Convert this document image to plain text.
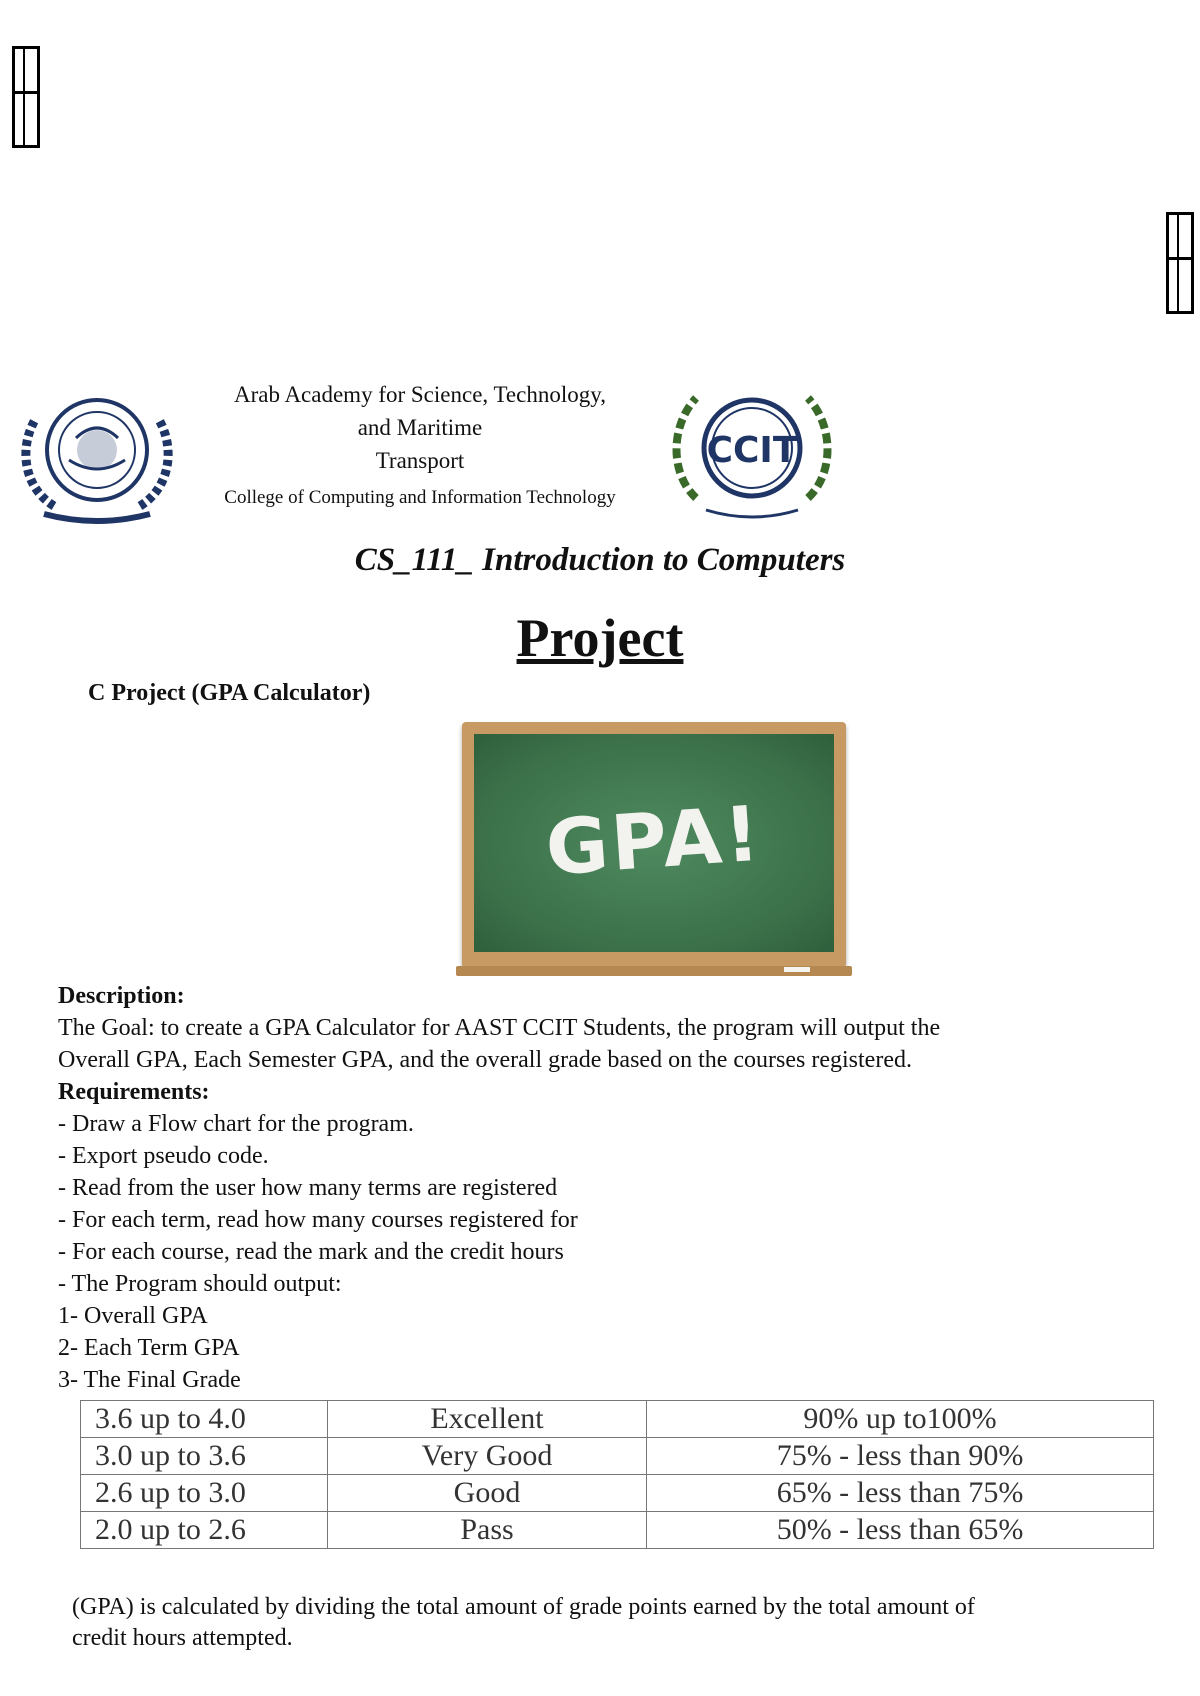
Arab Academy for Science, Technology,
and Maritime
Transport
College of Computing and Information Technology
CCIT
CS_111_ Introduction to Computers
Project
C Project (GPA Calculator)
GPA!
Description:
The Goal: to create a GPA Calculator for AAST CCIT Students, the program will output the
Overall GPA, Each Semester GPA, and the overall grade based on the courses registered.
Requirements:
- Draw a Flow chart for the program.
- Export pseudo code.
- Read from the user how many terms are registered
- For each term, read how many courses registered for
- For each course, read the mark and the credit hours
- The Program should output:
1- Overall GPA
2- Each Term GPA
3- The Final Grade
3.6 up to 4.0	Excellent	90% up to100%
3.0 up to 3.6	Very Good	75% - less than 90%
2.6 up to 3.0	Good	65% - less than 75%
2.0 up to 2.6	Pass	50% - less than 65%
(GPA) is calculated by dividing the total amount of grade points earned by the total amount of
credit hours attempted.
